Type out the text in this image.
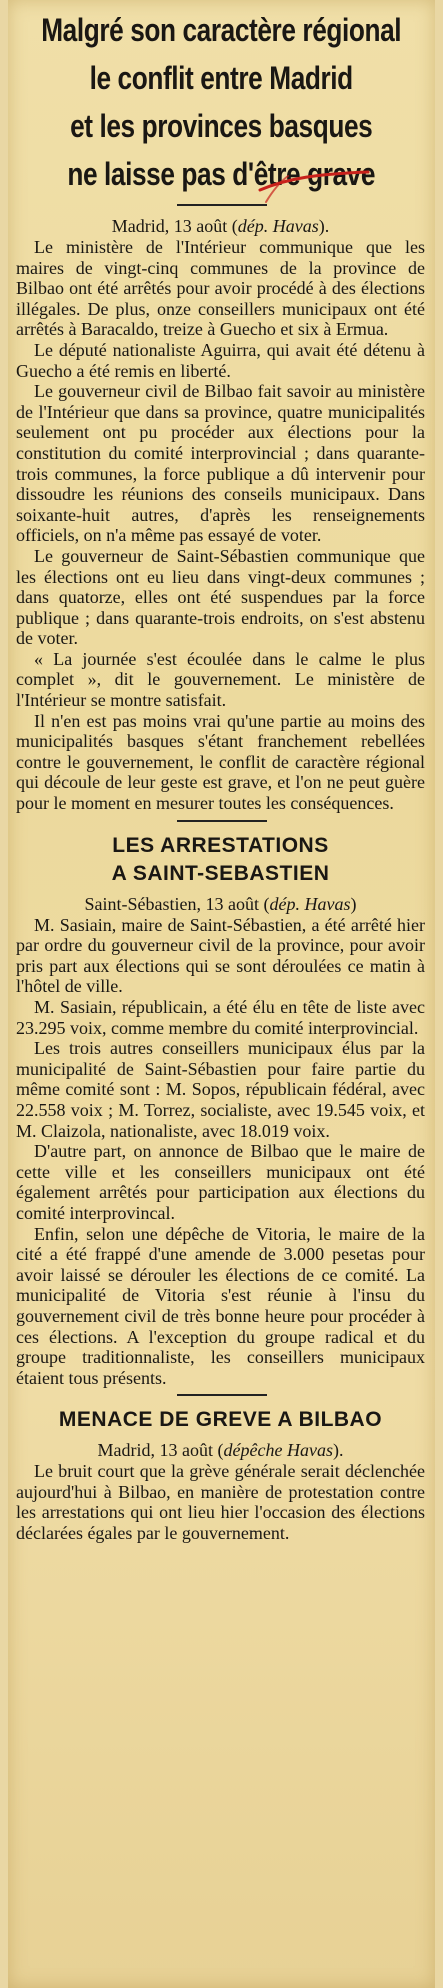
Malgré son caractère régional
le conflit entre Madrid
et les provinces basques
ne laisse pas d'être grave
Madrid, 13 août (dép. Havas).

Le ministère de l'Intérieur communique que les maires de vingt-cinq communes de la province de Bilbao ont été arrêtés pour avoir procédé à des élections illégales. De plus, onze conseillers municipaux ont été arrêtés à Baracaldo, treize à Guecho et six à Ermua.

Le député nationaliste Aguirra, qui avait été détenu à Guecho a été remis en liberté.

Le gouverneur civil de Bilbao fait savoir au ministère de l'Intérieur que dans sa province, quatre municipalités seulement ont pu procéder aux élections pour la constitution du comité interprovincial ; dans quarante-trois communes, la force publique a dû intervenir pour dissoudre les réunions des conseils municipaux. Dans soixante-huit autres, d'après les renseignements officiels, on n'a même pas essayé de voter.

Le gouverneur de Saint-Sébastien communique que les élections ont eu lieu dans vingt-deux communes ; dans quatorze, elles ont été suspendues par la force publique ; dans quarante-trois endroits, on s'est abstenu de voter.

« La journée s'est écoulée dans le calme le plus complet », dit le gouvernement. Le ministère de l'Intérieur se montre satisfait.

Il n'en est pas moins vrai qu'une partie au moins des municipalités basques s'étant franchement rebellées contre le gouvernement, le conflit de caractère régional qui découle de leur geste est grave, et l'on ne peut guère pour le moment en mesurer toutes les conséquences.

LES ARRESTATIONS
A SAINT-SEBASTIEN
Saint-Sébastien, 13 août (dép. Havas)

M. Sasiain, maire de Saint-Sébastien, a été arrêté hier par ordre du gouverneur civil de la province, pour avoir pris part aux élections qui se sont déroulées ce matin à l'hôtel de ville.

M. Sasiain, républicain, a été élu en tête de liste avec 23.295 voix, comme membre du comité interprovincial.

Les trois autres conseillers municipaux élus par la municipalité de Saint-Sébastien pour faire partie du même comité sont : M. Sopos, républicain fédéral, avec 22.558 voix ; M. Torrez, socialiste, avec 19.545 voix, et M. Claizola, nationaliste, avec 18.019 voix.

D'autre part, on annonce de Bilbao que le maire de cette ville et les conseillers municipaux ont été également arrêtés pour participation aux élections du comité interprovincal.

Enfin, selon une dépêche de Vitoria, le maire de la cité a été frappé d'une amende de 3.000 pesetas pour avoir laissé se dérouler les élections de ce comité. La municipalité de Vitoria s'est réunie à l'insu du gouvernement civil de très bonne heure pour procéder à ces élections. A l'exception du groupe radical et du groupe traditionnaliste, les conseillers municipaux étaient tous présents.

MENACE DE GREVE A BILBAO
Madrid, 13 août (dépêche Havas).

Le bruit court que la grève générale serait déclenchée aujourd'hui à Bilbao, en manière de protestation contre les arrestations qui ont lieu hier l'occasion des élections déclarées égales par le gouvernement.
